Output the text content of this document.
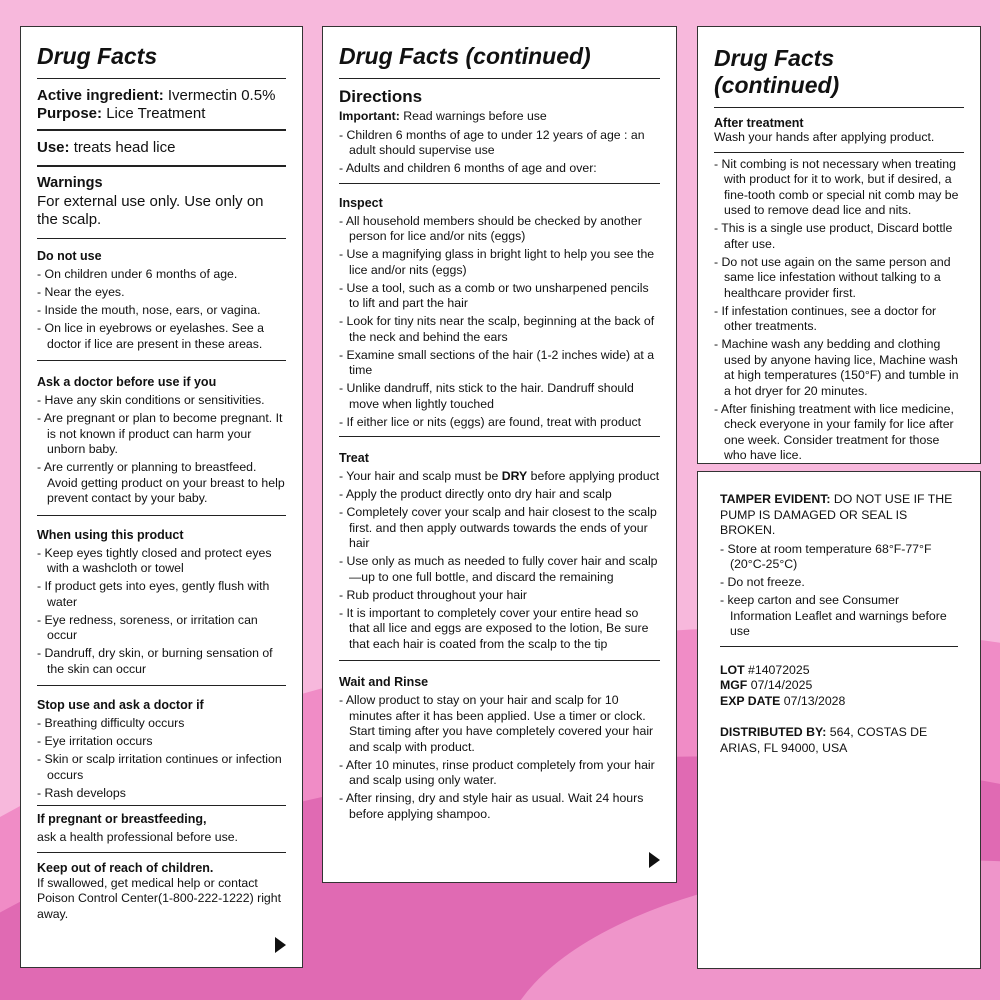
Drug Facts
Active ingredient: Ivermectin 0.5%
Purpose: Lice Treatment
Use: treats head lice
Warnings
For external use only. Use only on the scalp.
Do not use
- On children under 6 months of age.
- Near the eyes.
- Inside the mouth, nose, ears, or vagina.
- On lice in eyebrows or eyelashes. See a doctor if lice are present in these areas.
Ask a doctor before use if you
- Have any skin conditions or sensitivities.
- Are pregnant or plan to become pregnant. It is not known if product can harm your unborn baby.
- Are currently or planning to breastfeed. Avoid getting product on your breast to help prevent contact by your baby.
When using this product
- Keep eyes tightly closed and protect eyes with a washcloth or towel
- If product gets into eyes, gently flush with water
- Eye redness, soreness, or irritation can occur
- Dandruff, dry skin, or burning sensation of the skin can occur
Stop use and ask a doctor if
- Breathing difficulty occurs
- Eye irritation occurs
- Skin or scalp irritation continues or infection occurs
- Rash develops
If pregnant or breastfeeding,
ask a health professional before use.
Keep out of reach of children.
If swallowed, get medical help or contact Poison Control Center(1-800-222-1222) right away.
Drug Facts (continued)
Directions
Important: Read warnings before use
- Children 6 months of age to under 12 years of age : an adult should supervise use
- Adults and children 6 months of age and over:
Inspect
- All household members should be checked by another person for lice and/or nits (eggs)
- Use a magnifying glass in bright light to help you see the lice and/or nits (eggs)
- Use a tool, such as a comb or two unsharpened pencils to lift and part the hair
- Look for tiny nits near the scalp, beginning at the back of the neck and behind the ears
- Examine small sections of the hair (1-2 inches wide) at a time
- Unlike dandruff, nits stick to the hair. Dandruff should move when lightly touched
- If either lice or nits (eggs) are found, treat with product
Treat
- Your hair and scalp must be DRY before applying product
- Apply the product directly onto dry hair and scalp
- Completely cover your scalp and hair closest to the scalp first. and then apply outwards towards the ends of your hair
- Use only as much as needed to fully cover hair and scalp—up to one full bottle, and discard the remaining
- Rub product throughout your hair
- It is important to completely cover your entire head so that all lice and eggs are exposed to the lotion, Be sure that each hair is coated from the scalp to the tip
Wait and Rinse
- Allow product to stay on your hair and scalp for 10 minutes after it has been applied. Use a timer or clock. Start timing after you have completely covered your hair and scalp with product.
- After 10 minutes, rinse product completely from your hair and scalp using only water.
- After rinsing, dry and style hair as usual. Wait 24 hours before applying shampoo.
Drug Facts (continued)
After treatment
Wash your hands after applying product.
- Nit combing is not necessary when treating with product for it to work, but if desired, a fine-tooth comb or special nit comb may be used to remove dead lice and nits.
- This is a single use product, Discard bottle after use.
- Do not use again on the same person and same lice infestation without talking to a healthcare provider first.
- If infestation continues, see a doctor for other treatments.
- Machine wash any bedding and clothing used by anyone having lice, Machine wash at high temperatures (150°F) and tumble in a hot dryer for 20 minutes.
- After finishing treatment with lice medicine, check everyone in your family for lice after one week. Consider treatment for those who have lice.
TAMPER EVIDENT: DO NOT USE IF THE PUMP IS DAMAGED OR SEAL IS BROKEN.
- Store at room temperature 68°F-77°F (20°C-25°C)
- Do not freeze.
- keep carton and see Consumer Information Leaflet and warnings before use
LOT #14072025
MGF 07/14/2025
EXP DATE 07/13/2028
DISTRIBUTED BY: 564, COSTAS DE ARIAS, FL 94000, USA
